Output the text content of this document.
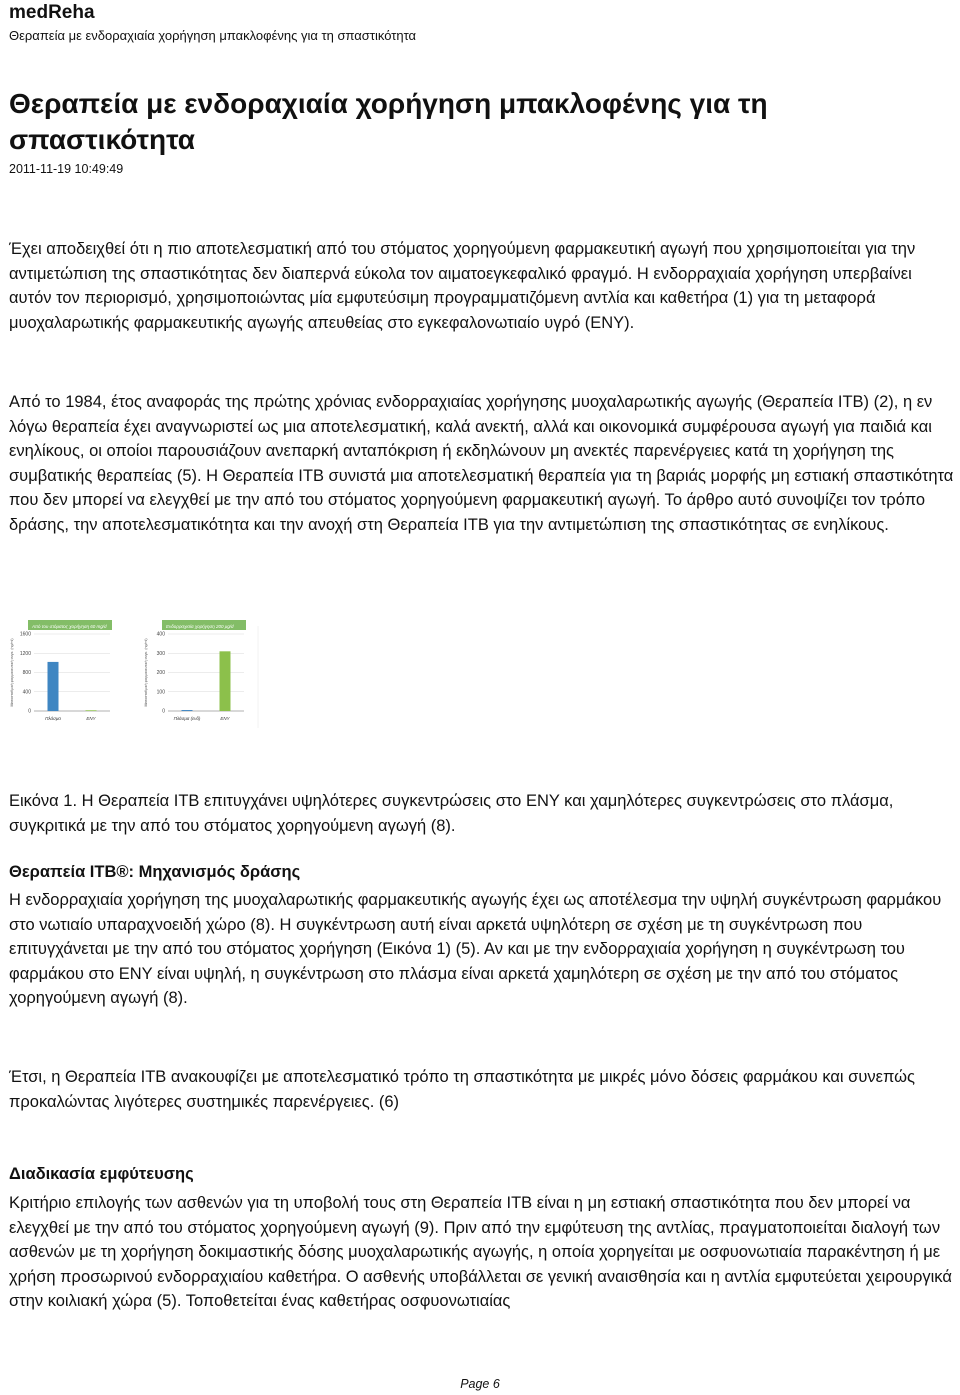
medReha
Θεραπεία με ενδοραχιαία χορήγηση μπακλοφένης για τη σπαστικότητα
Θεραπεία με ενδοραχιαία χορήγηση μπακλοφένης για τη σπαστικότητα
2011-11-19 10:49:49

Έχει αποδειχθεί ότι η πιο αποτελεσματική από του στόματος χορηγούμενη φαρμακευτική αγωγή που χρησιμοποιείται για την αντιμετώπιση της σπαστικότητας δεν διαπερνά εύκολα τον αιματοεγκεφαλικό φραγμό. Η ενδορραχιαία χορήγηση υπερβαίνει αυτόν τον περιορισμό, χρησιμοποιώντας μία εμφυτεύσιμη προγραμματιζόμενη αντλία και καθετήρα (1) για τη μεταφορά μυοχαλαρωτικής φαρμακευτικής αγωγής απευθείας στο εγκεφαλονωτιαίο υγρό (ΕΝΥ).

Από το 1984, έτος αναφοράς της πρώτης χρόνιας ενδορραχιαίας χορήγησης μυοχαλαρωτικής αγωγής (Θεραπεία ITB) (2), η εν λόγω θεραπεία έχει αναγνωριστεί ως μια αποτελεσματική, καλά ανεκτή, αλλά και οικονομικά συμφέρουσα αγωγή για παιδιά και ενηλίκους, οι οποίοι παρουσιάζουν ανεπαρκή ανταπόκριση ή εκδηλώνουν μη ανεκτές παρενέργειες κατά τη χορήγηση της συμβατικής θεραπείας (5). Η Θεραπεία ITB συνιστά μια αποτελεσματική θεραπεία για τη βαριάς μορφής μη εστιακή σπαστικότητα που δεν μπορεί να ελεγχθεί με την από του στόματος χορηγούμενη φαρμακευτική αγωγή. Το άρθρο αυτό συνοψίζει τον τρόπο δράσης, την αποτελεσματικότητα και την ανοχή στη Θεραπεία ITB για την αντιμετώπιση της σπαστικότητας σε ενηλίκους.

Από του στόματος χορήγηση 60 mg/d
Μεσοσταθμική φαρμακευτική συγκ. (ng/ml)
1600
1200
800
400
0
Πλάσμα	ΕΝΥ
Ενδορραχιαία χορήγηση 200 μg/d
Μεσοσταθμική φαρμακευτική συγκ. (ng/ml)
400
300
200
100
0
Πλάσμα (ενδ)	ΕΝΥ

Εικόνα 1. Η Θεραπεία ITB επιτυγχάνει υψηλότερες συγκεντρώσεις στο ΕΝΥ και χαμηλότερες συγκεντρώσεις στο πλάσμα, συγκριτικά με την από του στόματος χορηγούμενη αγωγή (8).

Θεραπεία ITB®: Μηχανισμός δράσης

Η ενδορραχιαία χορήγηση της μυοχαλαρωτικής φαρμακευτικής αγωγής έχει ως αποτέλεσμα την υψηλή συγκέντρωση φαρμάκου στο νωτιαίο υπαραχνοειδή χώρο (8). Η συγκέντρωση αυτή είναι αρκετά υψηλότερη σε σχέση με τη συγκέντρωση που επιτυγχάνεται με την από του στόματος χορήγηση (Εικόνα 1) (5). Αν και με την ενδορραχιαία χορήγηση η συγκέντρωση του φαρμάκου στο ΕΝΥ είναι υψηλή, η συγκέντρωση στο πλάσμα είναι αρκετά χαμηλότερη σε σχέση με την από του στόματος χορηγούμενη αγωγή (8).

Έτσι, η Θεραπεία ITB ανακουφίζει με αποτελεσματικό τρόπο τη σπαστικότητα με μικρές μόνο δόσεις φαρμάκου και συνεπώς προκαλώντας λιγότερες συστημικές παρενέργειες. (6)

Διαδικασία εμφύτευσης

Κριτήριο επιλογής των ασθενών για τη υποβολή τους στη Θεραπεία ITB είναι η μη εστιακή σπαστικότητα που δεν μπορεί να ελεγχθεί με την από του στόματος χορηγούμενη αγωγή (9). Πριν από την εμφύτευση της αντλίας, πραγματοποιείται διαλογή των ασθενών με τη χορήγηση δοκιμαστικής δόσης μυοχαλαρωτικής αγωγής, η οποία χορηγείται με οσφυονωτιαία παρακέντηση ή με χρήση προσωρινού ενδορραχιαίου καθετήρα. Ο ασθενής υποβάλλεται σε γενική αναισθησία και η αντλία εμφυτεύεται χειρουργικά στην κοιλιακή χώρα (5). Τοποθετείται ένας καθετήρας οσφυονωτιαίας

Page 6
